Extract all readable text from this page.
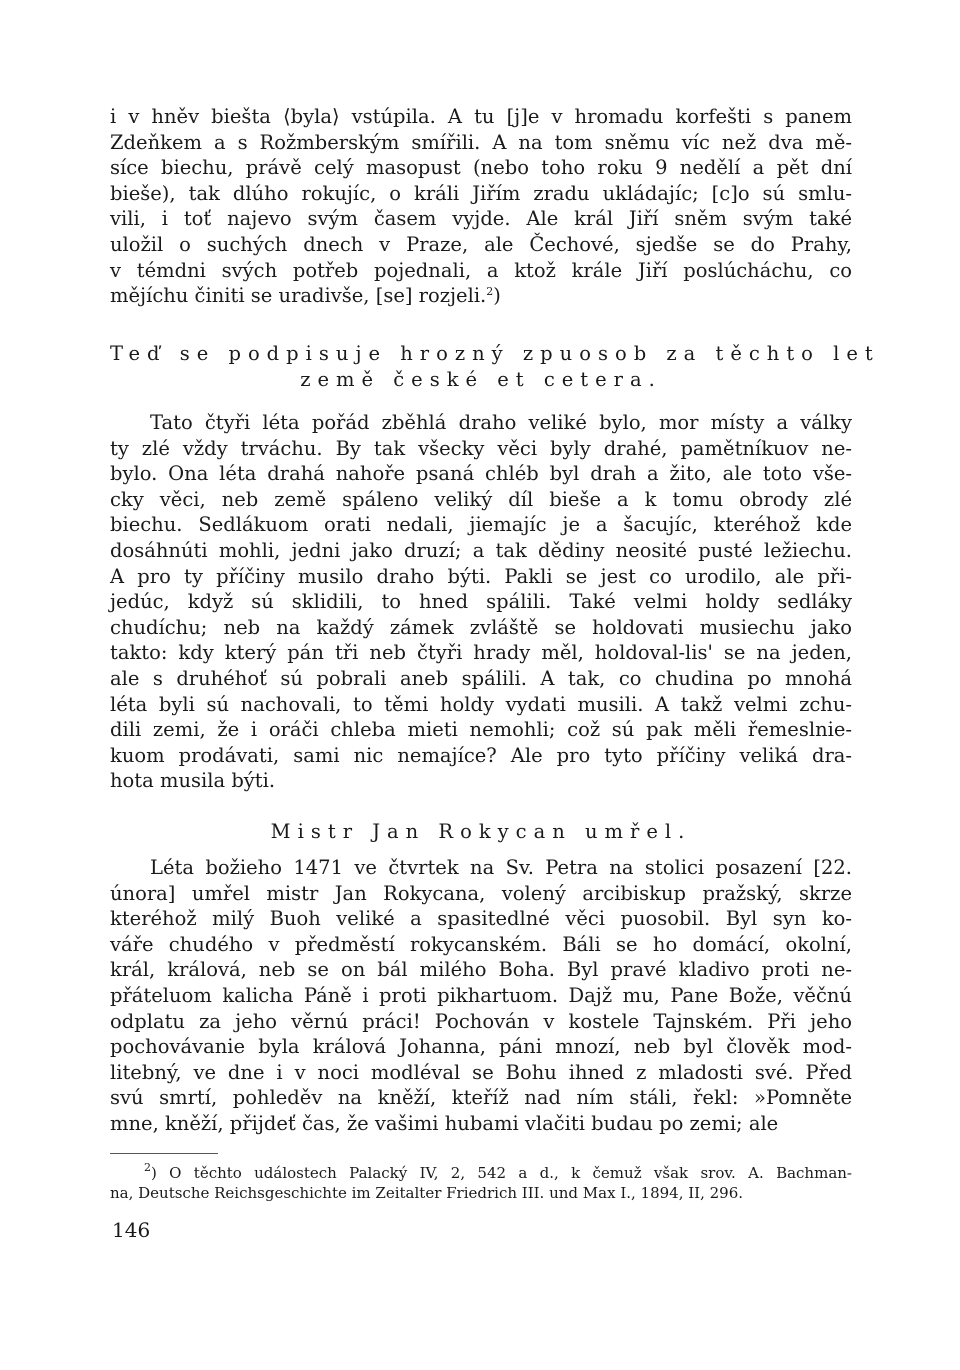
i v hněv biešta ⟨byla⟩ vstúpila. A tu [j]e v hromadu korfešti s panem
Zdeňkem a s Rožmberským smířili. A na tom sněmu víc než dva mě-
síce biechu, právě celý masopust (nebo toho roku 9 nedělí a pět dní
bieše), tak dlúho rokujíc, o králi Jiřím zradu ukládajíc; [c]o sú smlu-
vili, i toť najevo svým časem vyjde. Ale král Jiří sněm svým také
uložil o suchých dnech v Praze, ale Čechové, sjedše se do Prahy,
v témdni svých potřeb pojednali, a ktož krále Jiří poslúcháchu, co
mějíchu činiti se uradivše, [se] rozjeli.$^2$)
Teď se podpisuje hrozný zpuosob za těchto let
země české et cetera.
Tato čtyři léta pořád zběhlá draho veliké bylo, mor místy a války
ty zlé vždy trváchu. By tak všecky věci byly drahé, pamětníkuov ne-
bylo. Ona léta drahá nahoře psaná chléb byl drah a žito, ale toto vše-
cky věci, neb země spáleno veliký díl bieše a k tomu obrody zlé
biechu. Sedlákuom orati nedali, jiemajíc je a šacujíc, kteréhož kde
dosáhnúti mohli, jedni jako druzí; a tak dědiny neosité pusté ležiechu.
A pro ty příčiny musilo draho býti. Pakli se jest co urodilo, ale při-
jedúc, když sú sklidili, to hned spálili. Také velmi holdy sedláky
chudíchu; neb na každý zámek zvláště se holdovati musiechu jako
takto: kdy který pán tři neb čtyři hrady měl, holdoval-lis' se na jeden,
ale s druhéhoť sú pobrali aneb spálili. A tak, co chudina po mnohá
léta byli sú nachovali, to těmi holdy vydati musili. A takž velmi zchu-
dili zemi, že i oráči chleba mieti nemohli; což sú pak měli řemeslnie-
kuom prodávati, sami nic nemajíce? Ale pro tyto příčiny veliká dra-
hota musila býti.
Mistr Jan Rokycan umřel.
Léta božieho 1471 ve čtvrtek na Sv. Petra na stolici posazení [22.
února] umřel mistr Jan Rokycana, volený arcibiskup pražský, skrze
kteréhož milý Buoh veliké a spasitedlné věci puosobil. Byl syn ko-
váře chudého v předměstí rokycanském. Báli se ho domácí, okolní,
král, králová, neb se on bál milého Boha. Byl pravé kladivo proti ne-
přáteluom kalicha Páně i proti pikhartuom. Dajž mu, Pane Bože, věčnú
odplatu za jeho věrnú práci! Pochován v kostele Tajnském. Při jeho
pochovávanie byla králová Johanna, páni mnozí, neb byl člověk mod-
litebný, ve dne i v noci modléval se Bohu ihned z mladosti své. Před
svú smrtí, pohleděv na kněží, kteříž nad ním stáli, řekl: »Pomněte
mne, kněží, přijdeť čas, že vašimi hubami vlačiti budau po zemi; ale
$^2$) O těchto událostech Palacký IV, 2, 542 a d., k čemuž však srov. A. Bachman-
na, Deutsche Reichsgeschichte im Zeitalter Friedrich III. und Max I., 1894, II, 296.
146
